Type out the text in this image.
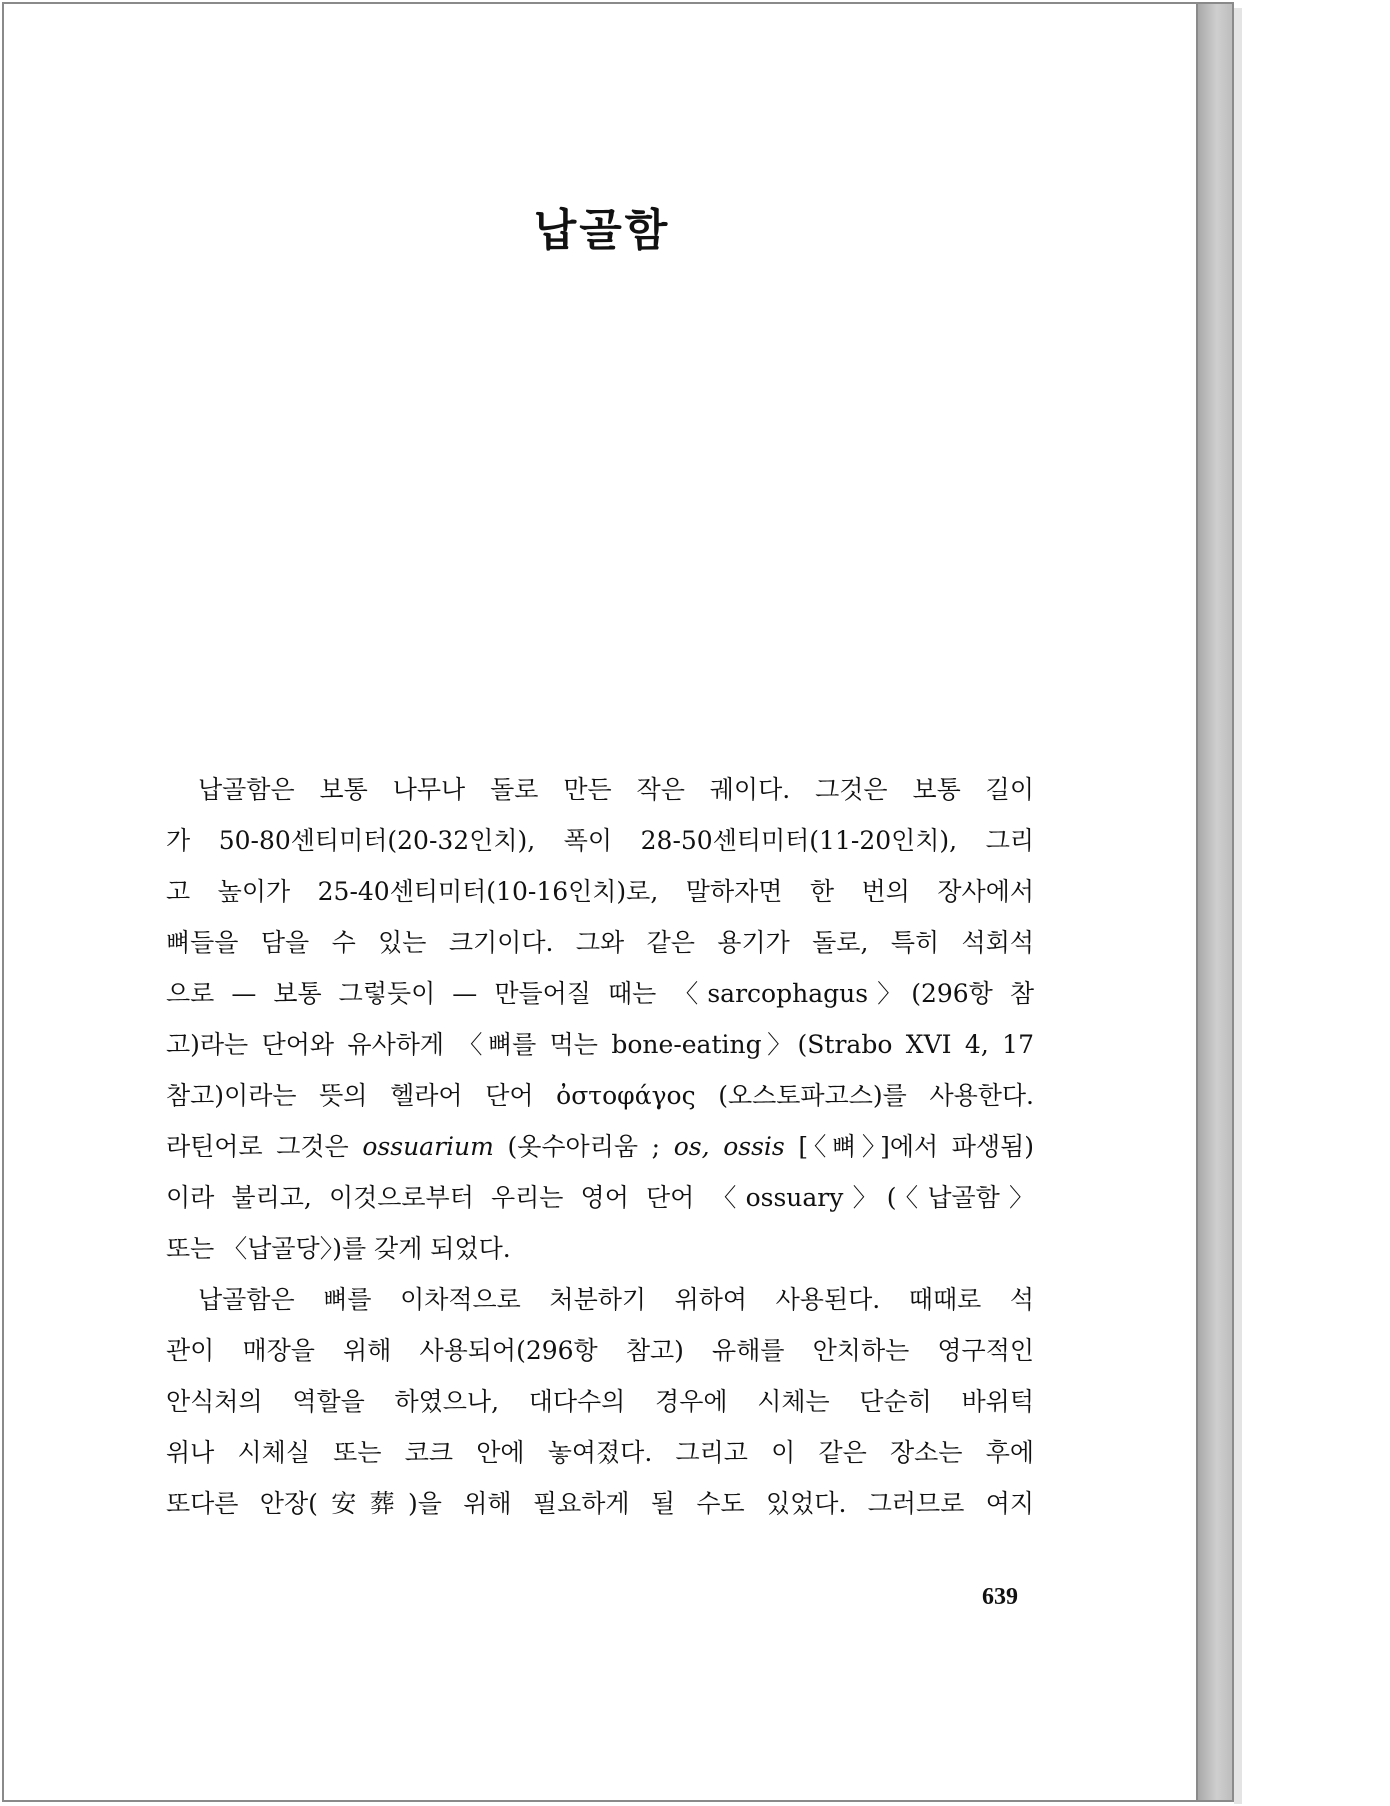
납골함
납골함은 보통 나무나 돌로 만든 작은 궤이다. 그것은 보통 길이
가 50-80센티미터(20-32인치), 폭이 28-50센티미터(11-20인치), 그리
고 높이가 25-40센티미터(10-16인치)로, 말하자면 한 번의 장사에서
뼈들을 담을 수 있는 크기이다. 그와 같은 용기가 돌로, 특히 석회석
으로 — 보통 그렇듯이 — 만들어질 때는 〈sarcophagus〉(296항 참
고)라는 단어와 유사하게 〈뼈를 먹는 bone-eating〉(Strabo XVI 4, 17
참고)이라는 뜻의 헬라어 단어 ὀστοφάγος (오스토파고스)를 사용한다.
라틴어로 그것은 ossuarium (옷수아리움 ; os, ossis [〈뼈〉]에서 파생됨)
이라 불리고, 이것으로부터 우리는 영어 단어 〈ossuary〉(〈납골함〉
또는 〈납골당〉)를 갖게 되었다.
납골함은 뼈를 이차적으로 처분하기 위하여 사용된다. 때때로 석
관이 매장을 위해 사용되어(296항 참고) 유해를 안치하는 영구적인
안식처의 역할을 하였으나, 대다수의 경우에 시체는 단순히 바위턱
위나 시체실 또는 코크 안에 놓여졌다. 그리고 이 같은 장소는 후에
또다른 안장(安葬)을 위해 필요하게 될 수도 있었다. 그러므로 여지
639
